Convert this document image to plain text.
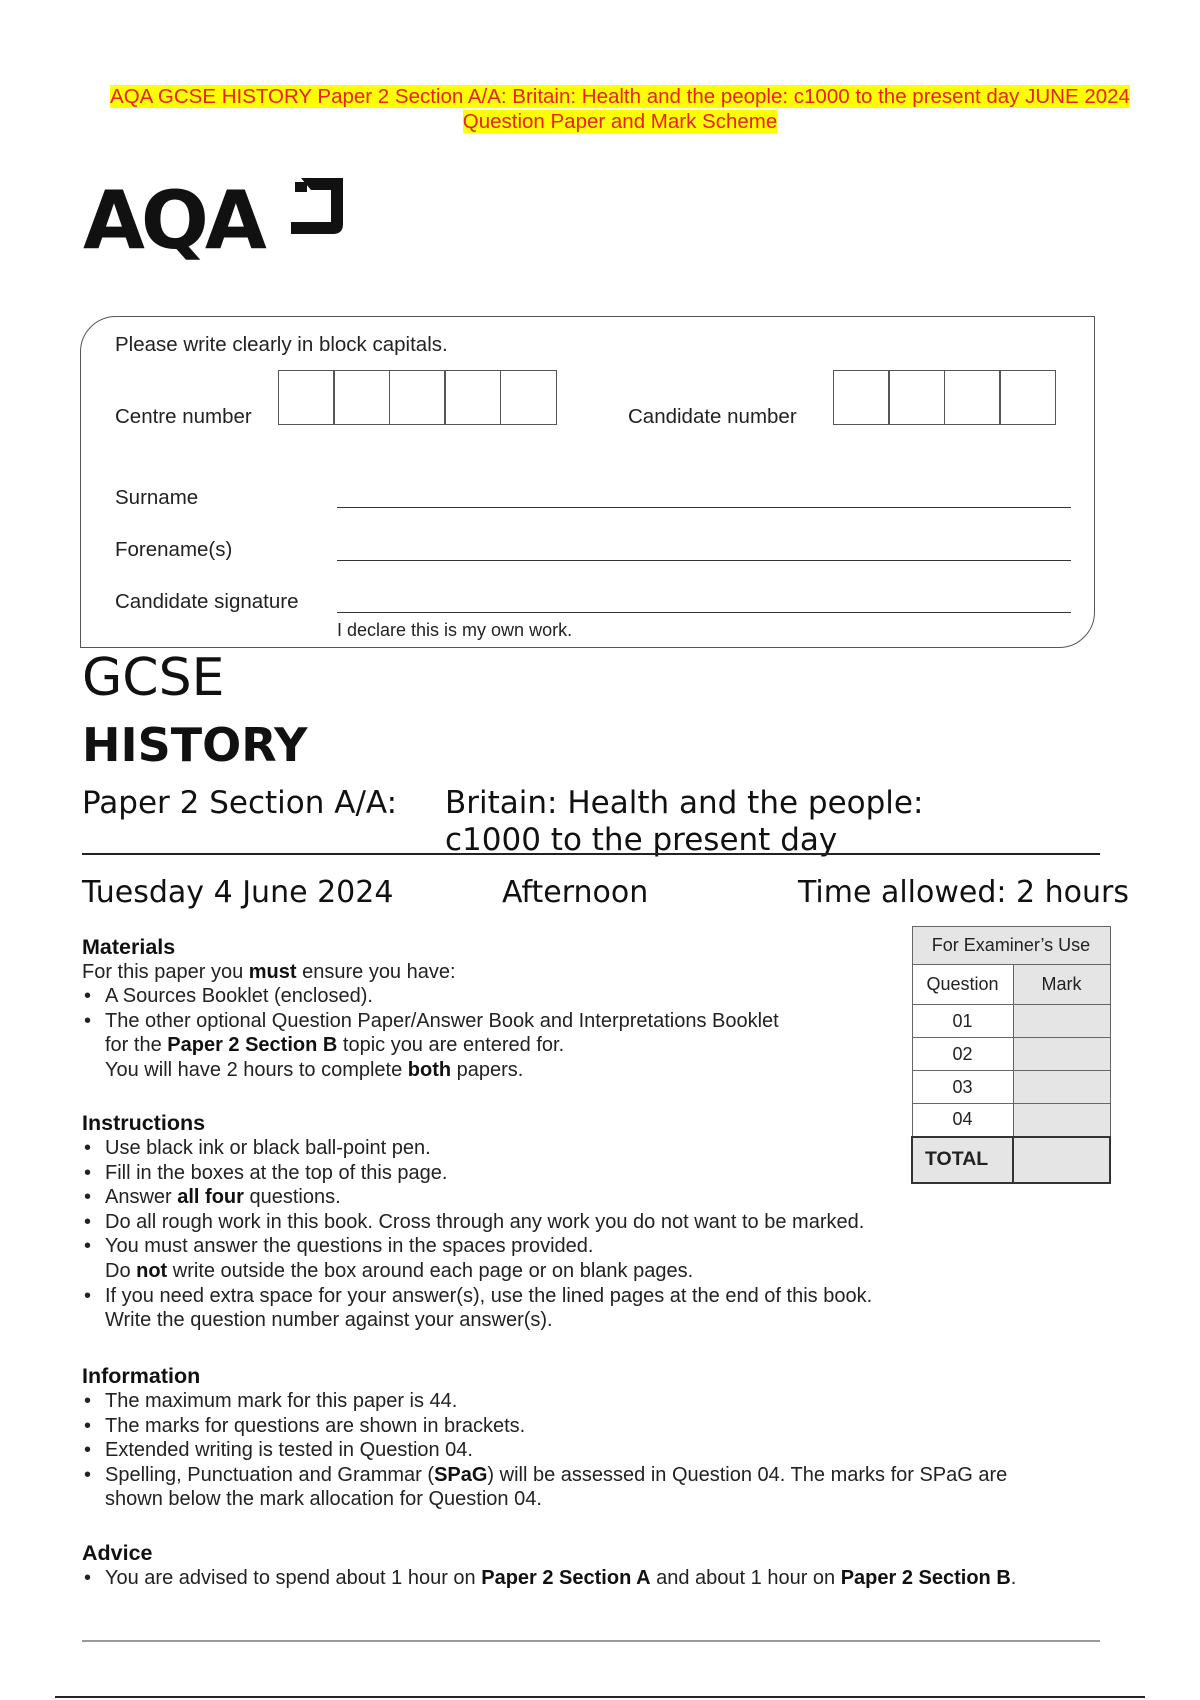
AQA GCSE HISTORY Paper 2 Section A/A: Britain: Health and the people: c1000 to the present day JUNE 2024
Question Paper and Mark Scheme
AQA
Please write clearly in block capitals.
Centre number	Candidate number
Surname
Forename(s)
Candidate signature
I declare this is my own work.
GCSE
HISTORY
Paper 2 Section A/A: Britain: Health and the people:
c1000 to the present day
Tuesday 4 June 2024	Afternoon	Time allowed: 2 hours
Materials
For this paper you must ensure you have:
• A Sources Booklet (enclosed).
• The other optional Question Paper/Answer Book and Interpretations Booklet
for the Paper 2 Section B topic you are entered for.
You will have 2 hours to complete both papers.
Instructions
• Use black ink or black ball-point pen.
• Fill in the boxes at the top of this page.
• Answer all four questions.
• Do all rough work in this book. Cross through any work you do not want to be marked.
• You must answer the questions in the spaces provided.
Do not write outside the box around each page or on blank pages.
• If you need extra space for your answer(s), use the lined pages at the end of this book.
Write the question number against your answer(s).
Information
• The maximum mark for this paper is 44.
• The marks for questions are shown in brackets.
• Extended writing is tested in Question 04.
• Spelling, Punctuation and Grammar (SPaG) will be assessed in Question 04. The marks for SPaG are
shown below the mark allocation for Question 04.
Advice
• You are advised to spend about 1 hour on Paper 2 Section A and about 1 hour on Paper 2 Section B.
For Examiner’s Use	
Question	Mark
01	
02	
03	
04	
TOTAL	
